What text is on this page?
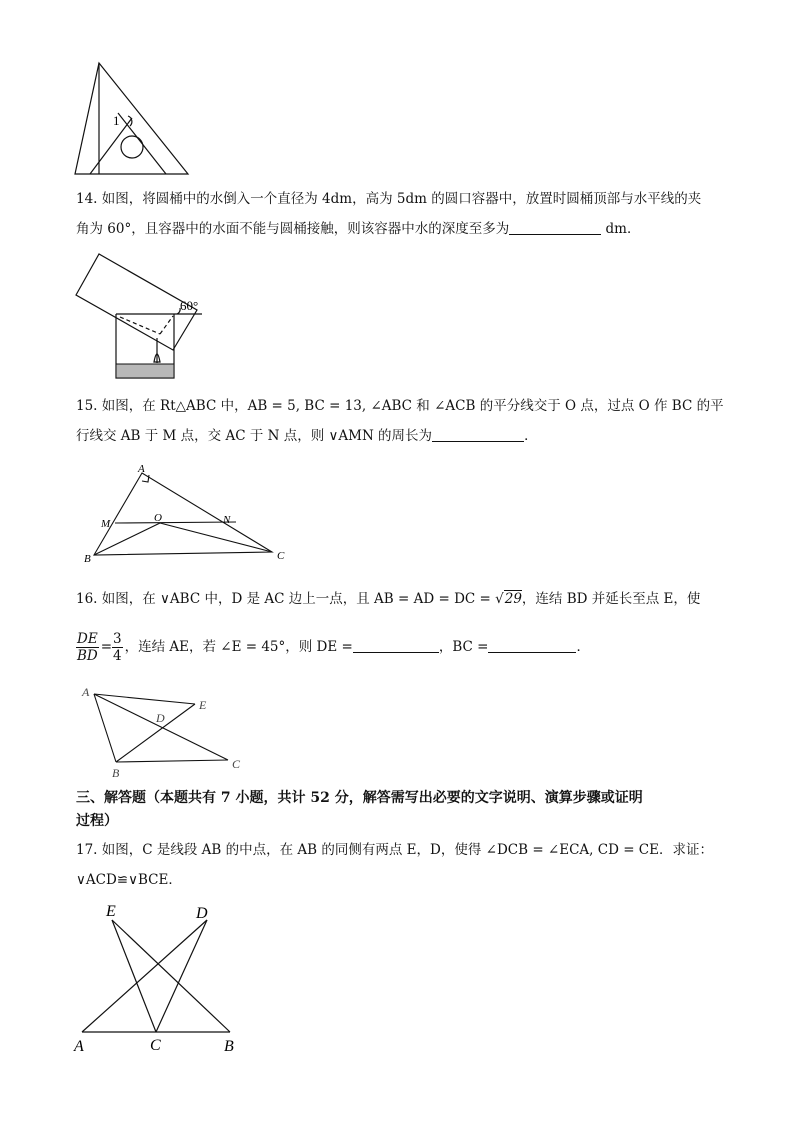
1
14. 如图，将圆桶中的水倒入一个直径为 4dm，高为 5dm 的圆口容器中，放置时圆桶顶部与水平线的夹
角为 60°，且容器中的水面不能与圆桶接触，则该容器中水的深度至多为	dm．
60°
15. 如图，在 Rt△ABC 中，AB = 5, BC = 13, ∠ABC 和 ∠ACB 的平分线交于 O 点，过点 O 作 BC 的平
行线交 AB 于 M 点，交 AC 于 N 点，则 ∨AMN 的周长为	．
A
M	O	N
B	C
16. 如图，在 ∨ABC 中，D 是 AC 边上一点，且 AB = AD = DC = √29，连结 BD 并延长至点 E，使
$\frac{DE}{BD} = \frac{3}{4}$ ，连结 AE，若 ∠E = 45°，则 DE =	，BC =	．
A
E
D
B
C
三、解答题（本题共有 7 小题，共计 52 分，解答需写出必要的文字说明、演算步骤或证明
过程）
17. 如图，C 是线段 AB 的中点，在 AB 的同侧有两点 E，D，使得 ∠DCB = ∠ECA, CD = CE．求证：
∨ACD≌∨BCE．
E	D
A	C	B
